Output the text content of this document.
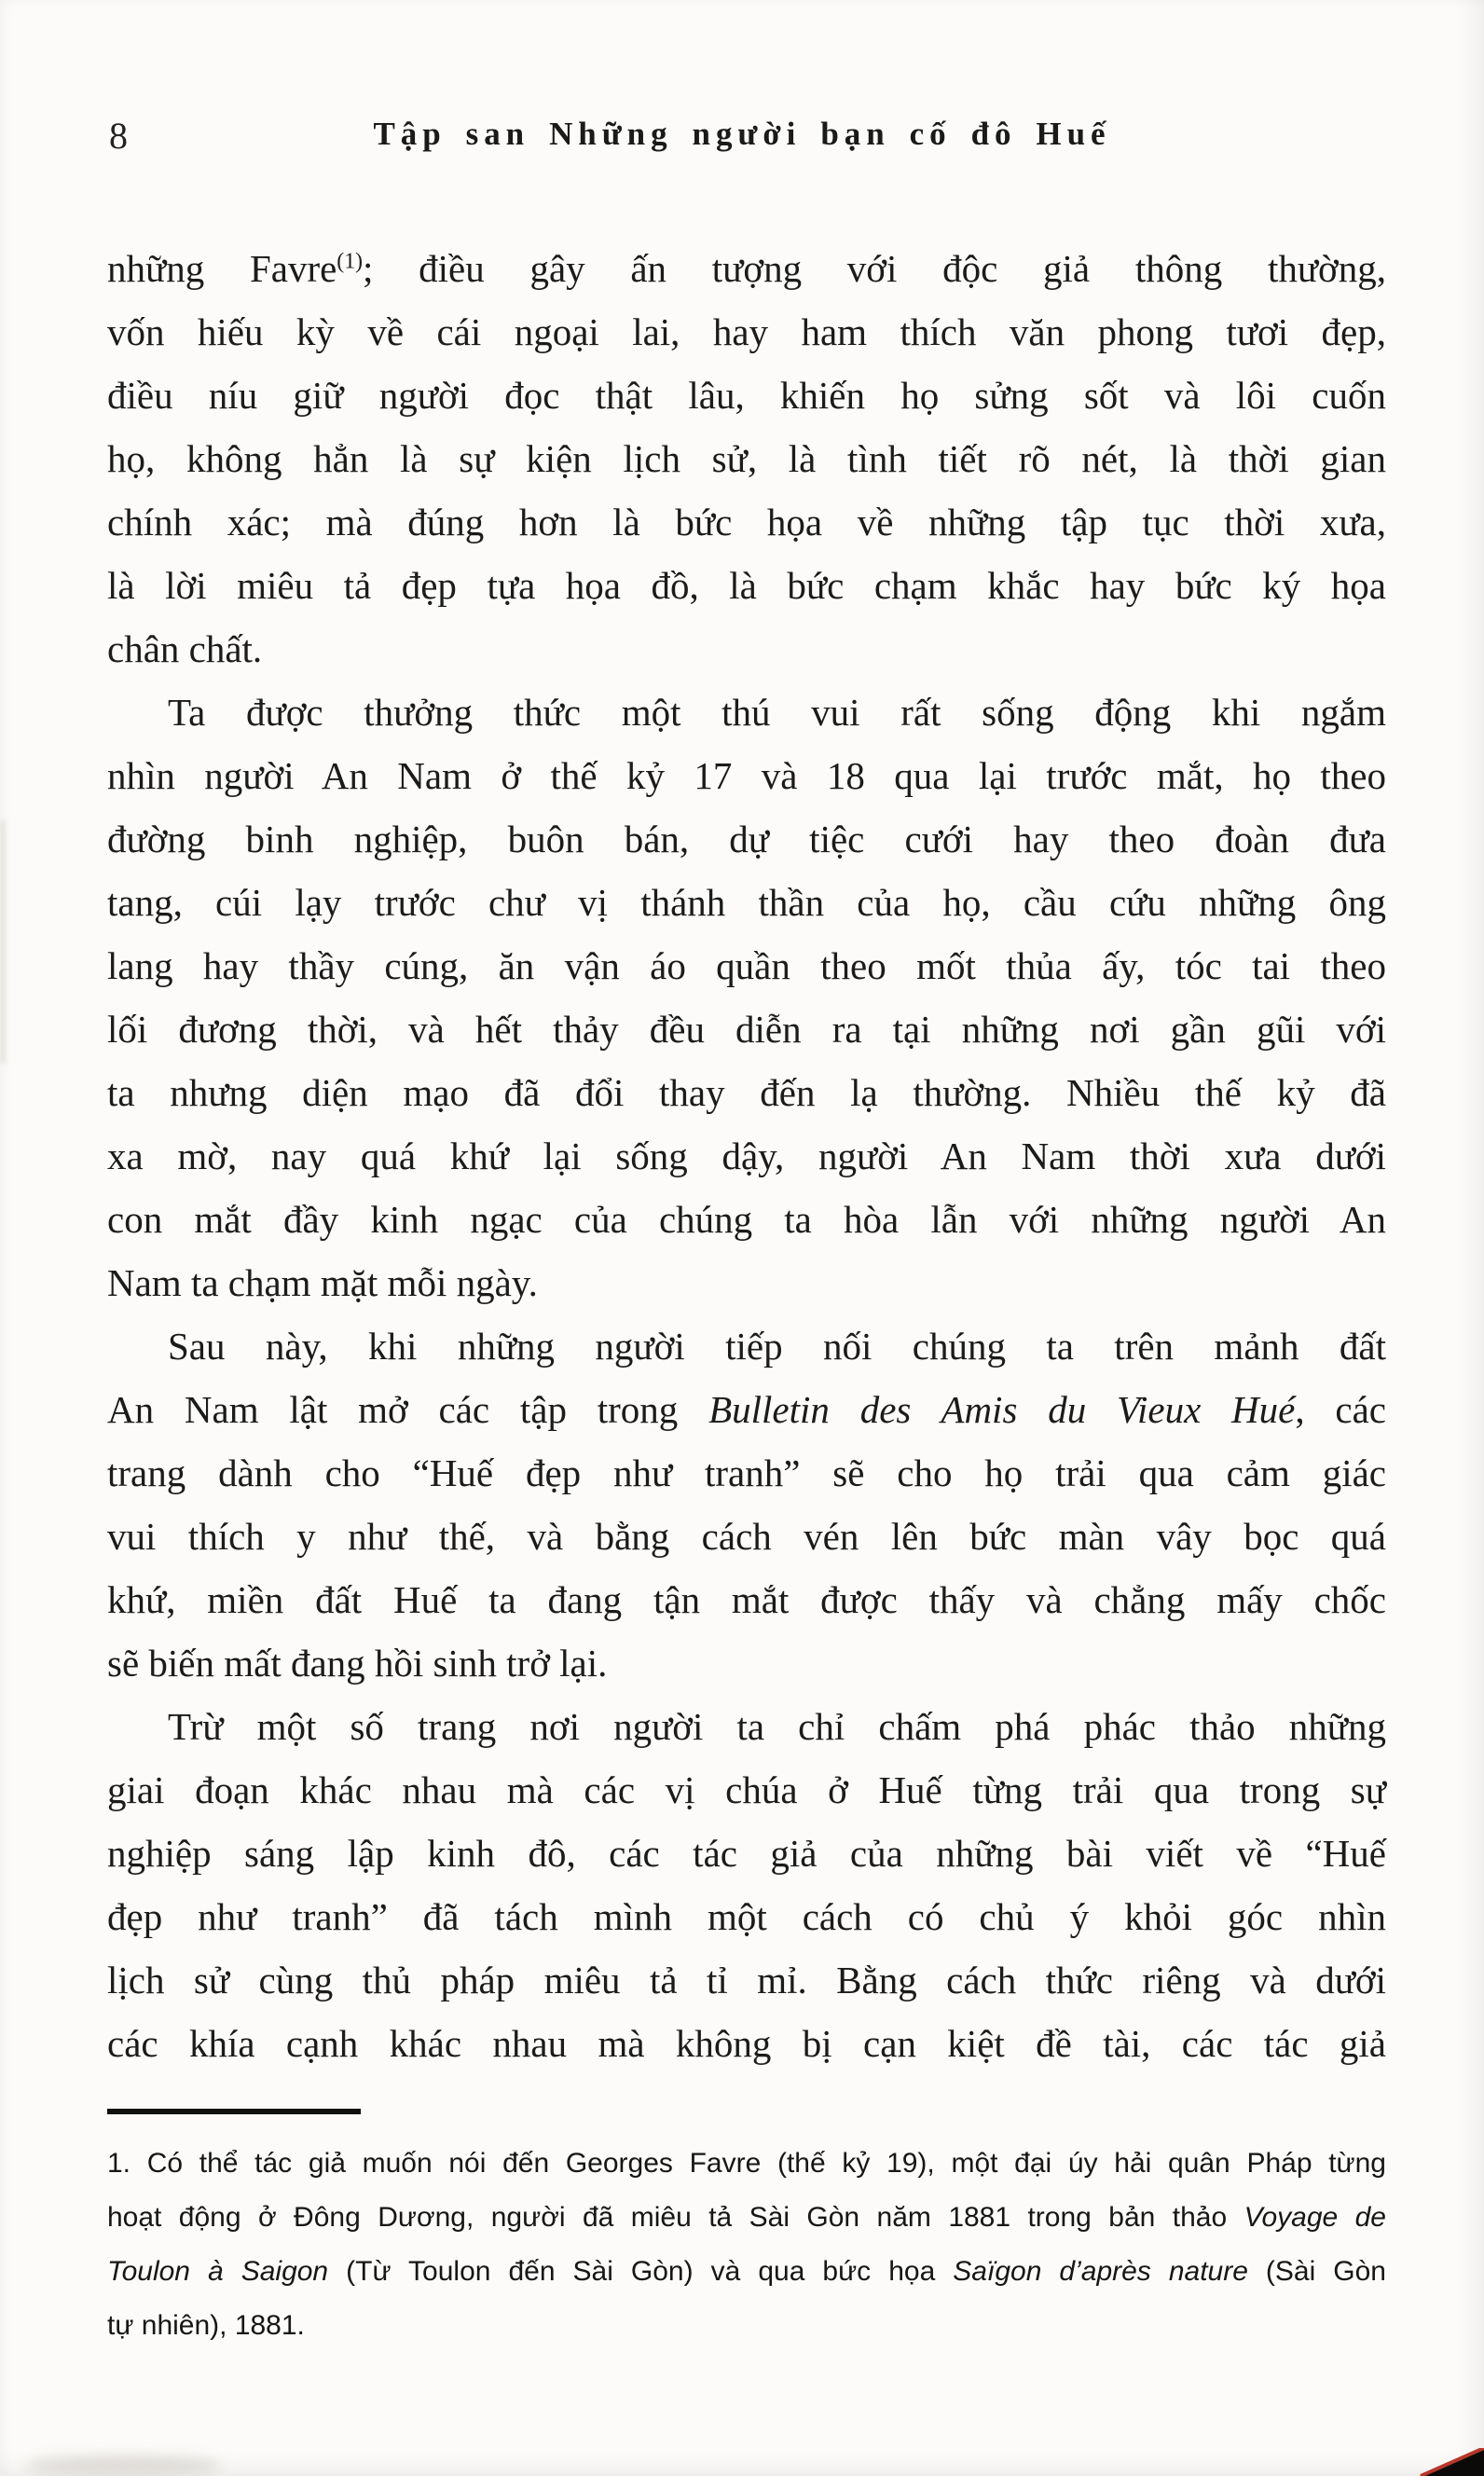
8	Tập san Những người bạn cố đô Huế
những Favre$^{(1)}$; điều gây ấn tượng với độc giả thông thường,
vốn hiếu kỳ về cái ngoại lai, hay ham thích văn phong tươi đẹp,
điều níu giữ người đọc thật lâu, khiến họ sửng sốt và lôi cuốn
họ, không hẳn là sự kiện lịch sử, là tình tiết rõ nét, là thời gian
chính xác; mà đúng hơn là bức họa về những tập tục thời xưa,
là lời miêu tả đẹp tựa họa đồ, là bức chạm khắc hay bức ký họa
chân chất.
Ta được thưởng thức một thú vui rất sống động khi ngắm
nhìn người An Nam ở thế kỷ 17 và 18 qua lại trước mắt, họ theo
đường binh nghiệp, buôn bán, dự tiệc cưới hay theo đoàn đưa
tang, cúi lạy trước chư vị thánh thần của họ, cầu cứu những ông
lang hay thầy cúng, ăn vận áo quần theo mốt thủa ấy, tóc tai theo
lối đương thời, và hết thảy đều diễn ra tại những nơi gần gũi với
ta nhưng diện mạo đã đổi thay đến lạ thường. Nhiều thế kỷ đã
xa mờ, nay quá khứ lại sống dậy, người An Nam thời xưa dưới
con mắt đầy kinh ngạc của chúng ta hòa lẫn với những người An
Nam ta chạm mặt mỗi ngày.
Sau này, khi những người tiếp nối chúng ta trên mảnh đất
An Nam lật mở các tập trong Bulletin des Amis du Vieux Hué, các
trang dành cho “Huế đẹp như tranh” sẽ cho họ trải qua cảm giác
vui thích y như thế, và bằng cách vén lên bức màn vây bọc quá
khứ, miền đất Huế ta đang tận mắt được thấy và chẳng mấy chốc
sẽ biến mất đang hồi sinh trở lại.
Trừ một số trang nơi người ta chỉ chấm phá phác thảo những
giai đoạn khác nhau mà các vị chúa ở Huế từng trải qua trong sự
nghiệp sáng lập kinh đô, các tác giả của những bài viết về “Huế
đẹp như tranh” đã tách mình một cách có chủ ý khỏi góc nhìn
lịch sử cùng thủ pháp miêu tả tỉ mỉ. Bằng cách thức riêng và dưới
các khía cạnh khác nhau mà không bị cạn kiệt đề tài, các tác giả
1. Có thể tác giả muốn nói đến Georges Favre (thế kỷ 19), một đại úy hải quân Pháp từng
hoạt động ở Đông Dương, người đã miêu tả Sài Gòn năm 1881 trong bản thảo Voyage de
Toulon à Saigon (Từ Toulon đến Sài Gòn) và qua bức họa Saïgon d’après nature (Sài Gòn
tự nhiên), 1881.
